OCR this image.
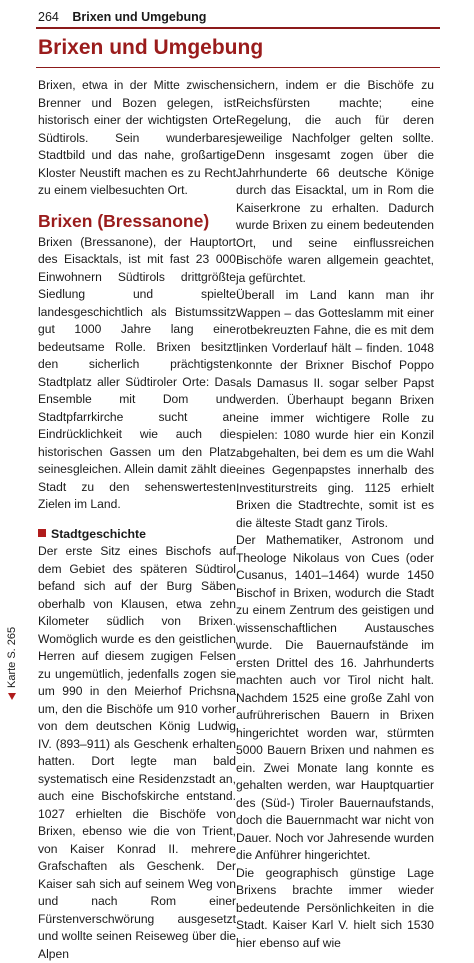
264 Brixen und Umgebung
Brixen und Umgebung

Brixen, etwa in der Mitte zwischen Brenner und Bozen gelegen, ist historisch einer der wichtigsten Orte Südtirols. Sein wunderbares Stadtbild und das nahe, großartige Kloster Neustift machen es zu Recht zu einem vielbesuchten Ort.

Brixen (Bressanone)

Brixen (Bressanone), der Hauptort des Eisacktals, ist mit fast 23 000 Einwohnern Südtirols drittgrößte Siedlung und spielte landesgeschichtlich als Bistumssitz gut 1000 Jahre lang eine bedeutsame Rolle. Brixen besitzt den sicherlich prächtigsten Stadtplatz aller Südtiroler Orte: Das Ensemble mit Dom und Stadtpfarrkirche sucht an Eindrücklichkeit wie auch die historischen Gassen um den Platz seinesgleichen. Allein damit zählt die Stadt zu den sehenswertesten Zielen im Land.

Stadtgeschichte

Der erste Sitz eines Bischofs auf dem Gebiet des späteren Südtirol befand sich auf der Burg Säben oberhalb von Klausen, etwa zehn Kilometer südlich von Brixen. Womöglich wurde es den geistlichen Herren auf diesem zugigen Felsen zu ungemütlich, jedenfalls zogen sie um 990 in den Meierhof Prichsna um, den die Bischöfe um 910 vorher von dem deutschen König Ludwig IV. (893–911) als Geschenk erhalten hatten. Dort legte man bald systematisch eine Residenzstadt an, auch eine Bischofskirche entstand. 1027 erhielten die Bischöfe von Brixen, ebenso wie die von Trient, von Kaiser Konrad II. mehrere Grafschaften als Geschenk. Der Kaiser sah sich auf seinem Weg von und nach Rom einer Fürstenverschwörung ausgesetzt und wollte seinen Reiseweg über die Alpen

sichern, indem er die Bischöfe zu Reichsfürsten machte; eine Regelung, die auch für deren jeweilige Nachfolger gelten sollte. Denn insgesamt zogen über die Jahrhunderte 66 deutsche Könige durch das Eisacktal, um in Rom die Kaiserkrone zu erhalten. Dadurch wurde Brixen zu einem bedeutenden Ort, und seine einflussreichen Bischöfe waren allgemein geachtet, ja gefürchtet.

Überall im Land kann man ihr Wappen – das Gotteslamm mit einer rotbekreuzten Fahne, die es mit dem linken Vorderlauf hält – finden. 1048 konnte der Brixner Bischof Poppo als Damasus II. sogar selber Papst werden. Überhaupt begann Brixen eine immer wichtigere Rolle zu spielen: 1080 wurde hier ein Konzil abgehalten, bei dem es um die Wahl eines Gegenpapstes innerhalb des Investiturstreits ging. 1125 erhielt Brixen die Stadtrechte, somit ist es die älteste Stadt ganz Tirols.

Der Mathematiker, Astronom und Theologe Nikolaus von Cues (oder Cusanus, 1401–1464) wurde 1450 Bischof in Brixen, wodurch die Stadt zu einem Zentrum des geistigen und wissenschaftlichen Austausches wurde. Die Bauernaufstände im ersten Drittel des 16. Jahrhunderts machten auch vor Tirol nicht halt. Nachdem 1525 eine große Zahl von aufrührerischen Bauern in Brixen hingerichtet worden war, stürmten 5000 Bauern Brixen und nahmen es ein. Zwei Monate lang konnte es gehalten werden, war Hauptquartier des (Süd-) Tiroler Bauernaufstands, doch die Bauernmacht war nicht von Dauer. Noch vor Jahresende wurden die Anführer hingerichtet.

Die geographisch günstige Lage Brixens brachte immer wieder bedeutende Persönlichkeiten in die Stadt. Kaiser Karl V. hielt sich 1530 hier ebenso auf wie

Karte S. 265
